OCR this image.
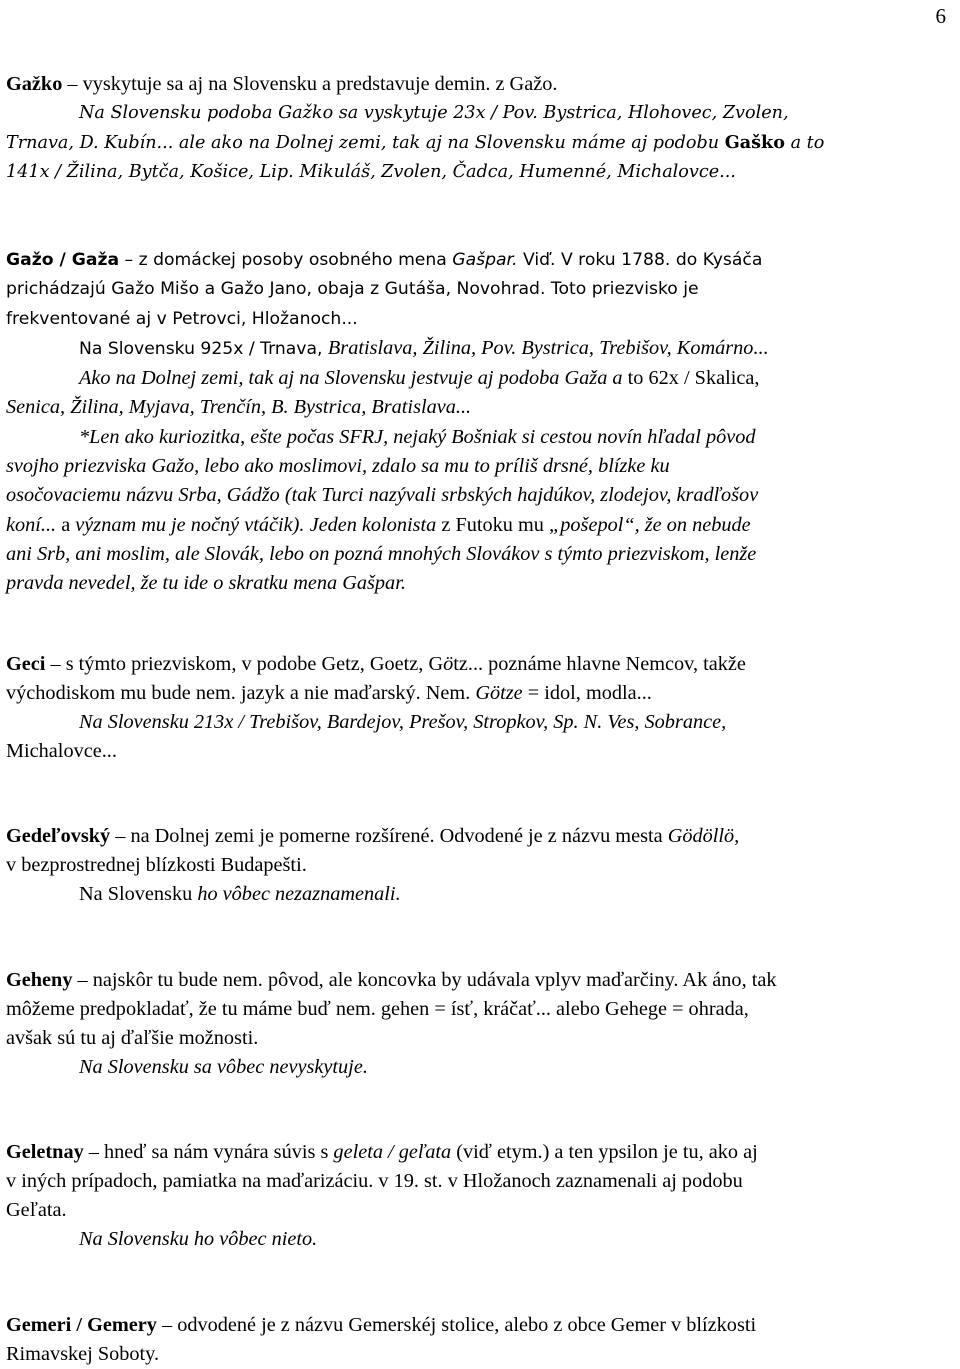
6
Gažko – vyskytuje sa aj na Slovensku a predstavuje demin. z Gažo.
Na Slovensku podoba Gažko sa vyskytuje 23x / Pov. Bystrica, Hlohovec, Zvolen,
Trnava, D. Kubín... ale ako na Dolnej zemi, tak aj na Slovensku máme aj podobu Gaško a to
141x / Žilina, Bytča, Košice, Lip. Mikuláš, Zvolen, Čadca, Humenné, Michalovce...
Gažo / Gaža – z domáckej posoby osobného mena Gašpar. Viď. V roku 1788. do Kysáča
prichádzajú Gažo Mišo a Gažo Jano, obaja z Gutáša, Novohrad. Toto priezvisko je
frekventované aj v Petrovci, Hložanoch...
Na Slovensku 925x / Trnava, Bratislava, Žilina, Pov. Bystrica, Trebišov, Komárno...
Ako na Dolnej zemi, tak aj na Slovensku jestvuje aj podoba Gaža a to 62x / Skalica,
Senica, Žilina, Myjava, Trenčín, B. Bystrica, Bratislava...
*Len ako kuriozitka, ešte počas SFRJ, nejaký Bošniak si cestou novín hľadal pôvod
svojho priezviska Gažo, lebo ako moslimovi, zdalo sa mu to príliš drsné, blízke ku
osočovaciemu názvu Srba, Gádžo (tak Turci nazývali srbských hajdúkov, zlodejov, kradľošov
koní... a význam mu je nočný vtáčik). Jeden kolonista z Futoku mu „pošepol“, že on nebude
ani Srb, ani moslim, ale Slovák, lebo on pozná mnohých Slovákov s týmto priezviskom, lenže
pravda nevedel, že tu ide o skratku mena Gašpar.
Geci – s týmto priezviskom, v podobe Getz, Goetz, Götz... poznáme hlavne Nemcov, takže
východiskom mu bude nem. jazyk a nie maďarský. Nem. Götze = idol, modla...
Na Slovensku 213x / Trebišov, Bardejov, Prešov, Stropkov, Sp. N. Ves, Sobrance,
Michalovce...
Gedeľovský – na Dolnej zemi je pomerne rozšírené. Odvodené je z názvu mesta Gödöllö,
v bezprostrednej blízkosti Budapešti.
Na Slovensku ho vôbec nezaznamenali.
Geheny – najskôr tu bude nem. pôvod, ale koncovka by udávala vplyv maďarčiny. Ak áno, tak
môžeme predpokladať, že tu máme buď nem. gehen = ísť, kráčať... alebo Gehege = ohrada,
avšak sú tu aj ďaľšie možnosti.
Na Slovensku sa vôbec nevyskytuje.
Geletnay – hneď sa nám vynára súvis s geleta / geľata (viď etym.) a ten ypsilon je tu, ako aj
v iných prípadoch, pamiatka na maďarizáciu. v 19. st. v Hložanoch zaznamenali aj podobu
Geľata.
Na Slovensku ho vôbec nieto.
Gemeri / Gemery – odvodené je z názvu Gemerskéj stolice, alebo z obce Gemer v blízkosti
Rimavskej Soboty.
